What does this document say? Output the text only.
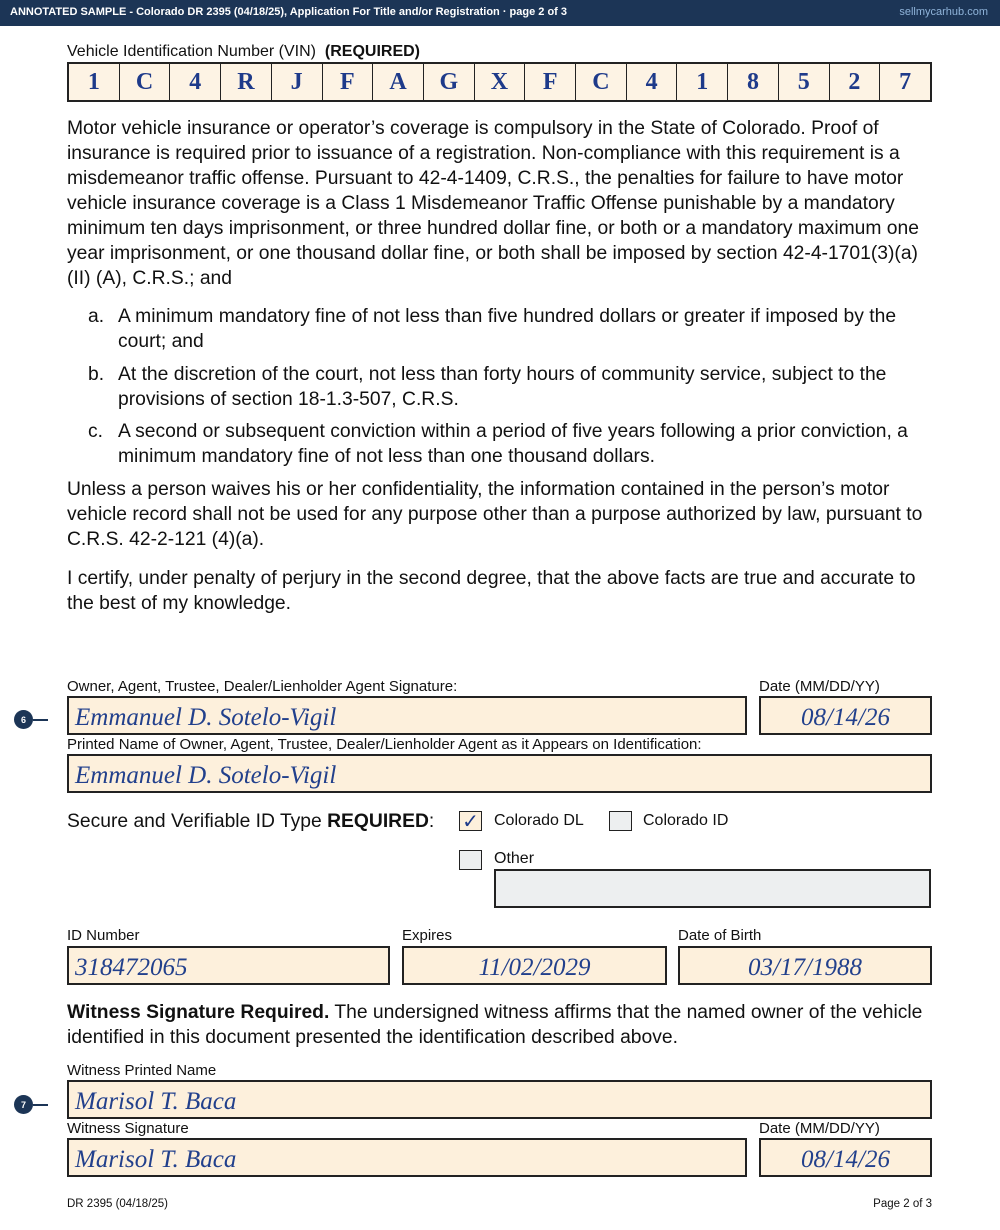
ANNOTATED SAMPLE - Colorado DR 2395 (04/18/25), Application For Title and/or Registration · page 2 of 3	sellmycarhub.com
Vehicle Identification Number (VIN) (REQUIRED)
1	C	4	R	J	F	A	G	X	F	C	4	1	8	5	2	7
Motor vehicle insurance or operator’s coverage is compulsory in the State of Colorado. Proof of insurance is required prior to issuance of a registration. Non-compliance with this requirement is a misdemeanor traffic offense. Pursuant to 42-4-1409, C.R.S., the penalties for failure to have motor vehicle insurance coverage is a Class 1 Misdemeanor Traffic Offense punishable by a mandatory minimum ten days imprisonment, or three hundred dollar fine, or both or a mandatory maximum one year imprisonment, or one thousand dollar fine, or both shall be imposed by section 42-4-1701(3)(a)(II) (A), C.R.S.; and
a. A minimum mandatory fine of not less than five hundred dollars or greater if imposed by the court; and
b. At the discretion of the court, not less than forty hours of community service, subject to the provisions of section 18-1.3-507, C.R.S.
c. A second or subsequent conviction within a period of five years following a prior conviction, a minimum mandatory fine of not less than one thousand dollars.
Unless a person waives his or her confidentiality, the information contained in the person’s motor vehicle record shall not be used for any purpose other than a purpose authorized by law, pursuant to C.R.S. 42-2-121 (4)(a).
I certify, under penalty of perjury in the second degree, that the above facts are true and accurate to the best of my knowledge.
Owner, Agent, Trustee, Dealer/Lienholder Agent Signature:	Date (MM/DD/YY)
6 Emmanuel D. Sotelo-Vigil	08/14/26
Printed Name of Owner, Agent, Trustee, Dealer/Lienholder Agent as it Appears on Identification:
Emmanuel D. Sotelo-Vigil
Secure and Verifiable ID Type REQUIRED: ✓ Colorado DL	Colorado ID
Other
ID Number	Expires	Date of Birth
318472065	11/02/2029	03/17/1988
Witness Signature Required. The undersigned witness affirms that the named owner of the vehicle identified in this document presented the identification described above.
Witness Printed Name
7 Marisol T. Baca
Witness Signature	Date (MM/DD/YY)
Marisol T. Baca	08/14/26
DR 2395 (04/18/25)	Page 2 of 3
